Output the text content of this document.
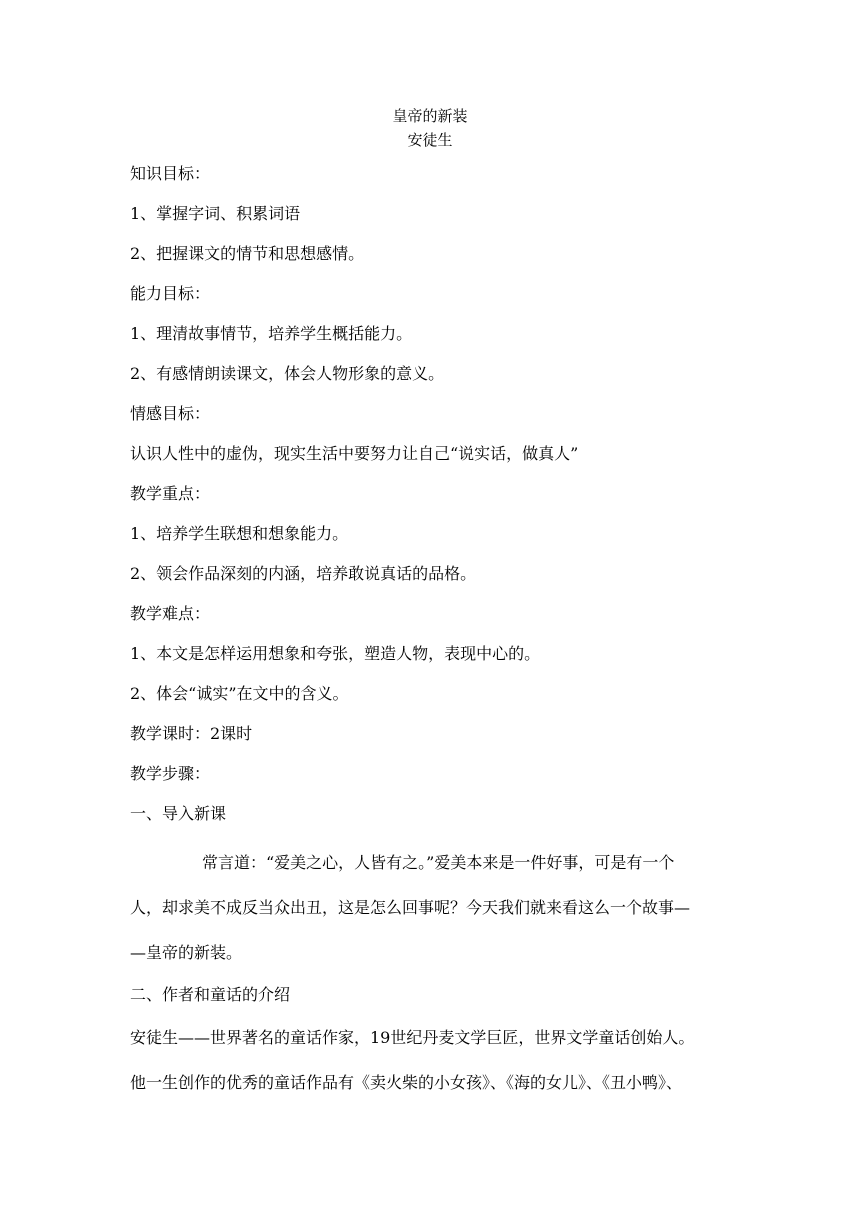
皇帝的新装
安徒生
知识目标：
1、掌握字词、积累词语
2、把握课文的情节和思想感情。
能力目标：
1、理清故事情节，培养学生概括能力。
2、有感情朗读课文，体会人物形象的意义。
情感目标：
认识人性中的虚伪，现实生活中要努力让自己“说实话，做真人”
教学重点：
1、培养学生联想和想象能力。
2、领会作品深刻的内涵，培养敢说真话的品格。
教学难点：
1、本文是怎样运用想象和夸张，塑造人物，表现中心的。
2、体会“诚实”在文中的含义。
教学课时：2课时
教学步骤：
一、导入新课
常言道：“爱美之心，人皆有之。”爱美本来是一件好事，可是有一个
人，却求美不成反当众出丑，这是怎么回事呢？今天我们就来看这么一个故事—
—皇帝的新装。
二、作者和童话的介绍
安徒生——世界著名的童话作家，19世纪丹麦文学巨匠，世界文学童话创始人。
他一生创作的优秀的童话作品有《卖火柴的小女孩》、《海的女儿》、《丑小鸭》、
